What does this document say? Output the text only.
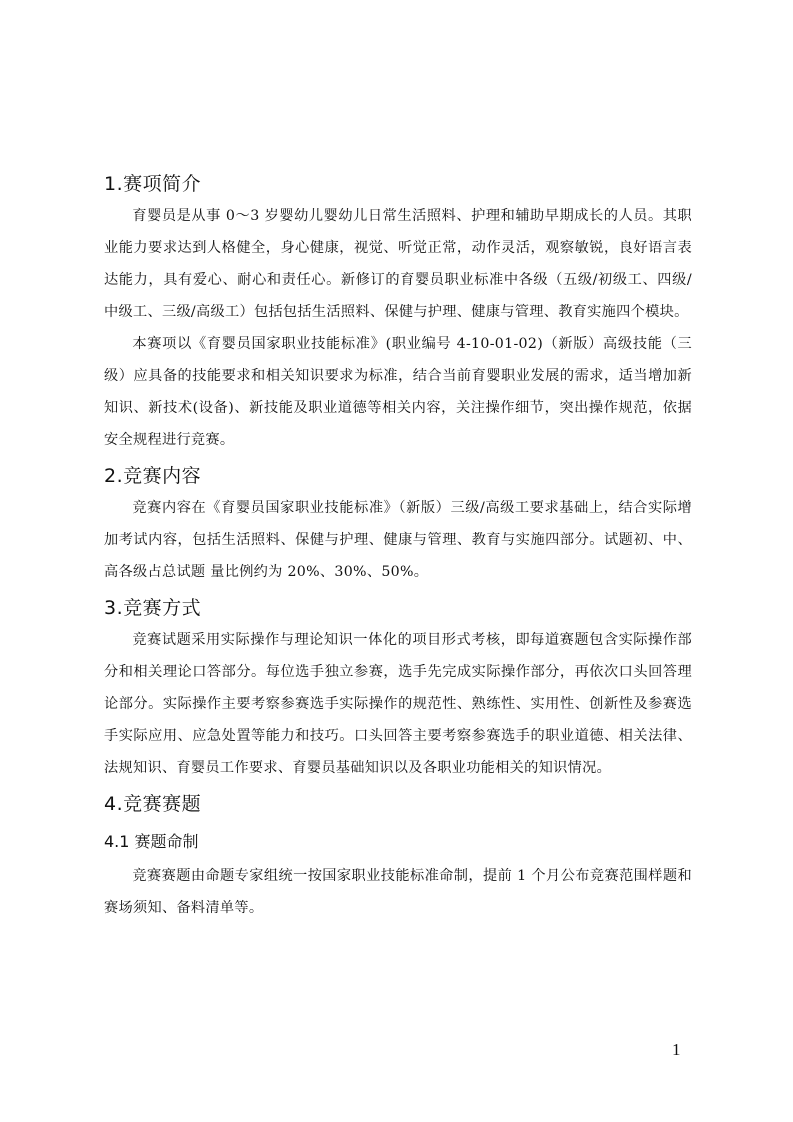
1.赛项简介

育婴员是从事 0～3 岁婴幼儿婴幼儿日常生活照料、护理和辅助早期成长的人员。其职业能力要求达到人格健全，身心健康，视觉、听觉正常，动作灵活，观察敏锐，良好语言表达能力，具有爱心、耐心和责任心。新修订的育婴员职业标准中各级（五级/初级工、四级/中级工、三级/高级工）包括包括生活照料、保健与护理、健康与管理、教育实施四个模块。

本赛项以《育婴员国家职业技能标准》(职业编号 4-10-01-02)（新版）高级技能（三级）应具备的技能要求和相关知识要求为标准，结合当前育婴职业发展的需求，适当增加新知识、新技术(设备)、新技能及职业道德等相关内容，关注操作细节，突出操作规范，依据安全规程进行竞赛。

2.竞赛内容

竞赛内容在《育婴员国家职业技能标准》（新版）三级/高级工要求基础上，结合实际增加考试内容，包括生活照料、保健与护理、健康与管理、教育与实施四部分。试题初、中、高各级占总试题 量比例约为 20%、30%、50%。

3.竞赛方式

竞赛试题采用实际操作与理论知识一体化的项目形式考核，即每道赛题包含实际操作部分和相关理论口答部分。每位选手独立参赛，选手先完成实际操作部分，再依次口头回答理论部分。实际操作主要考察参赛选手实际操作的规范性、熟练性、实用性、创新性及参赛选手实际应用、应急处置等能力和技巧。口头回答主要考察参赛选手的职业道德、相关法律、法规知识、育婴员工作要求、育婴员基础知识以及各职业功能相关的知识情况。

4.竞赛赛题
4.1 赛题命制

竞赛赛题由命题专家组统一按国家职业技能标准命制，提前 1 个月公布竞赛范围样题和赛场须知、备料清单等。

1
